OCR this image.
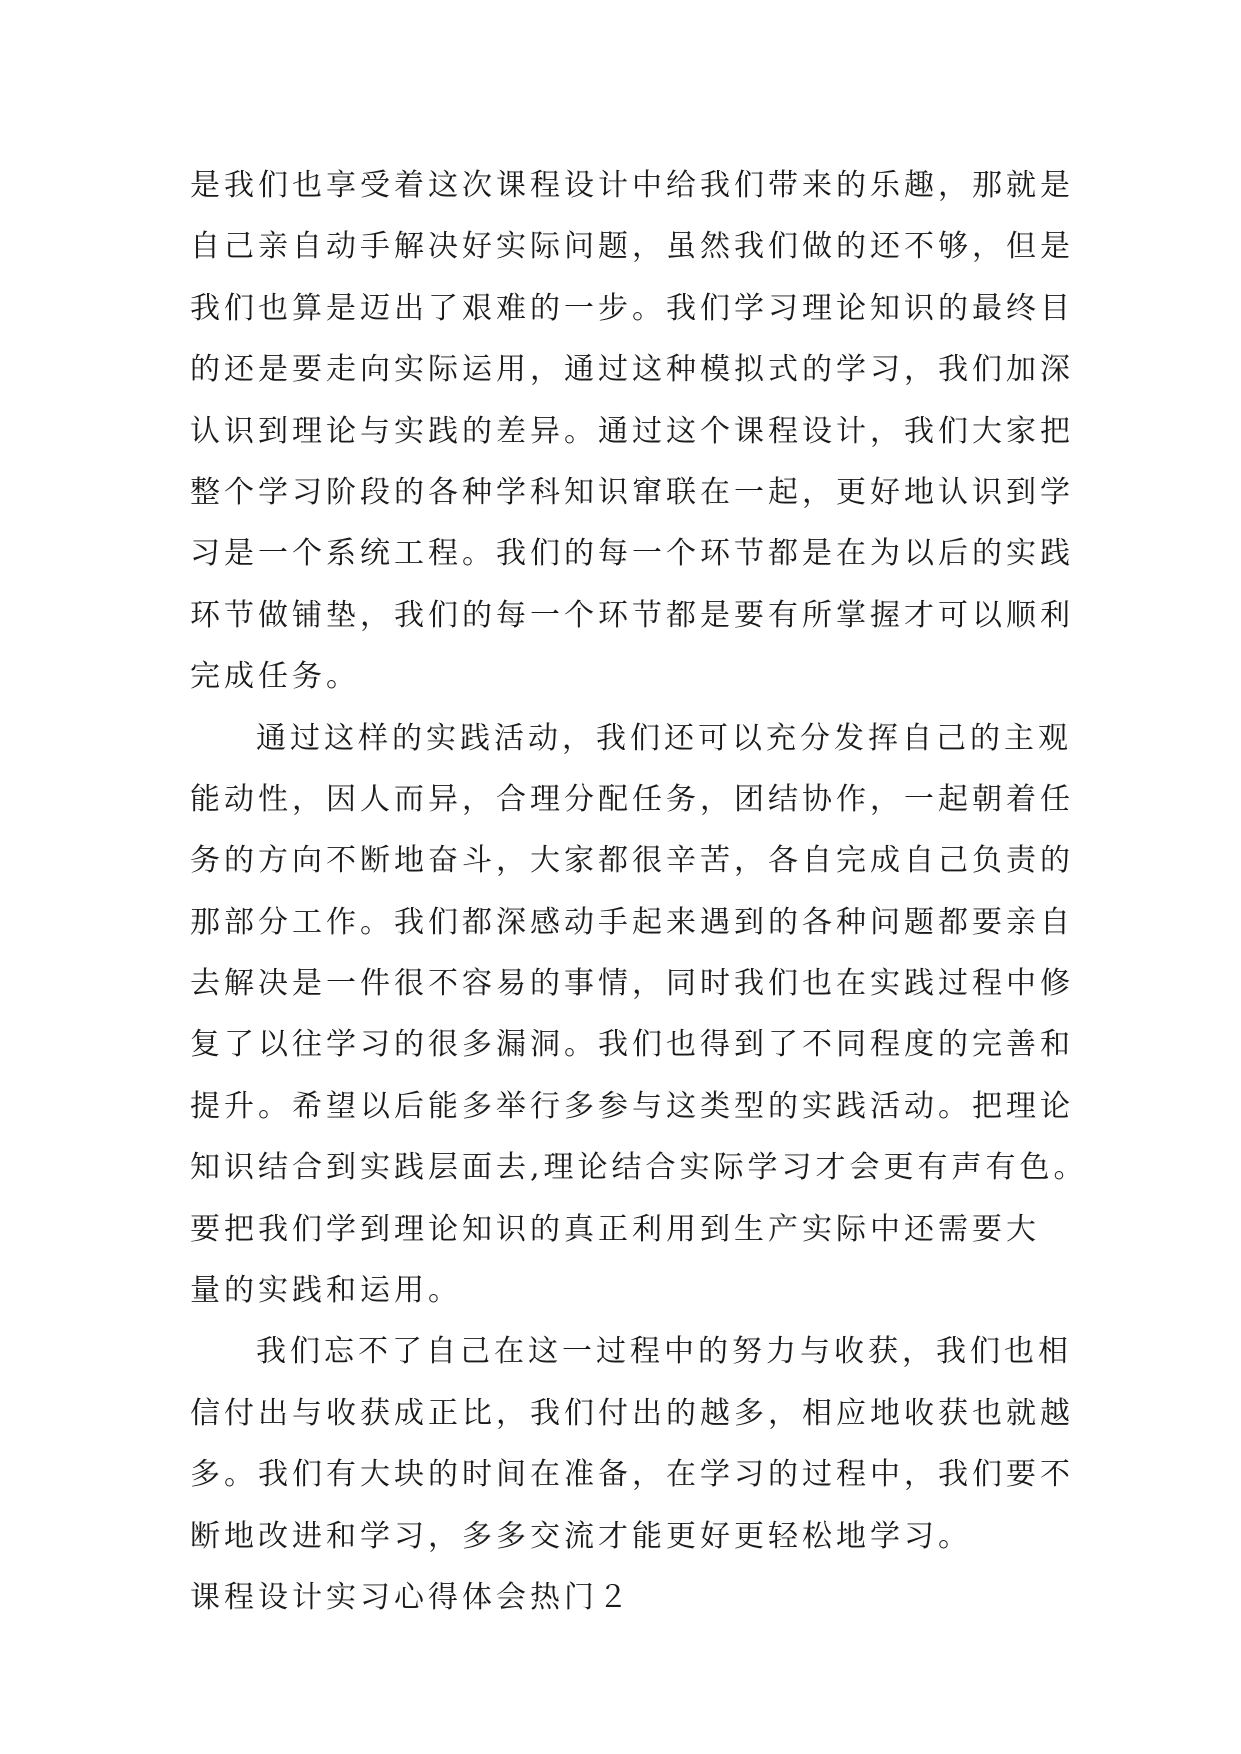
是我们也享受着这次课程设计中给我们带来的乐趣，那就是
自己亲自动手解决好实际问题，虽然我们做的还不够，但是
我们也算是迈出了艰难的一步。我们学习理论知识的最终目
的还是要走向实际运用，通过这种模拟式的学习，我们加深
认识到理论与实践的差异。通过这个课程设计，我们大家把
整个学习阶段的各种学科知识窜联在一起，更好地认识到学
习是一个系统工程。我们的每一个环节都是在为以后的实践
环节做铺垫，我们的每一个环节都是要有所掌握才可以顺利
完成任务。
通过这样的实践活动，我们还可以充分发挥自己的主观
能动性，因人而异，合理分配任务，团结协作，一起朝着任
务的方向不断地奋斗，大家都很辛苦，各自完成自己负责的
那部分工作。我们都深感动手起来遇到的各种问题都要亲自
去解决是一件很不容易的事情，同时我们也在实践过程中修
复了以往学习的很多漏洞。我们也得到了不同程度的完善和
提升。希望以后能多举行多参与这类型的实践活动。把理论
知识结合到实践层面去,理论结合实际学习才会更有声有色。
要把我们学到理论知识的真正利用到生产实际中还需要大
量的实践和运用。
我们忘不了自己在这一过程中的努力与收获，我们也相
信付出与收获成正比，我们付出的越多，相应地收获也就越
多。我们有大块的时间在准备，在学习的过程中，我们要不
断地改进和学习，多多交流才能更好更轻松地学习。
课程设计实习心得体会热门２
